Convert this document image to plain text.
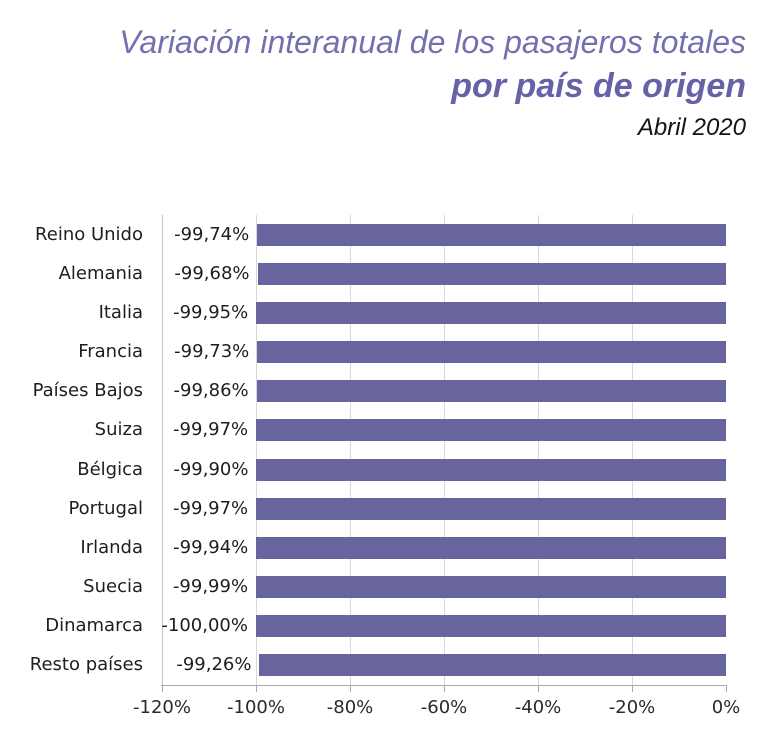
Variación interanual de los pasajeros totales
por país de origen
Abril 2020
-120% -100% -80%	-60%	-40%	-20%	0%
Reino Unido -99,74%
Alemania -99,68%
Italia -99,95%
Francia -99,73%
Países Bajos -99,86%
Suiza -99,97%
Bélgica -99,90%
Portugal -99,97%
Irlanda -99,94%
Suecia -99,99%
Dinamarca -100,00%
Resto países -99,26%
